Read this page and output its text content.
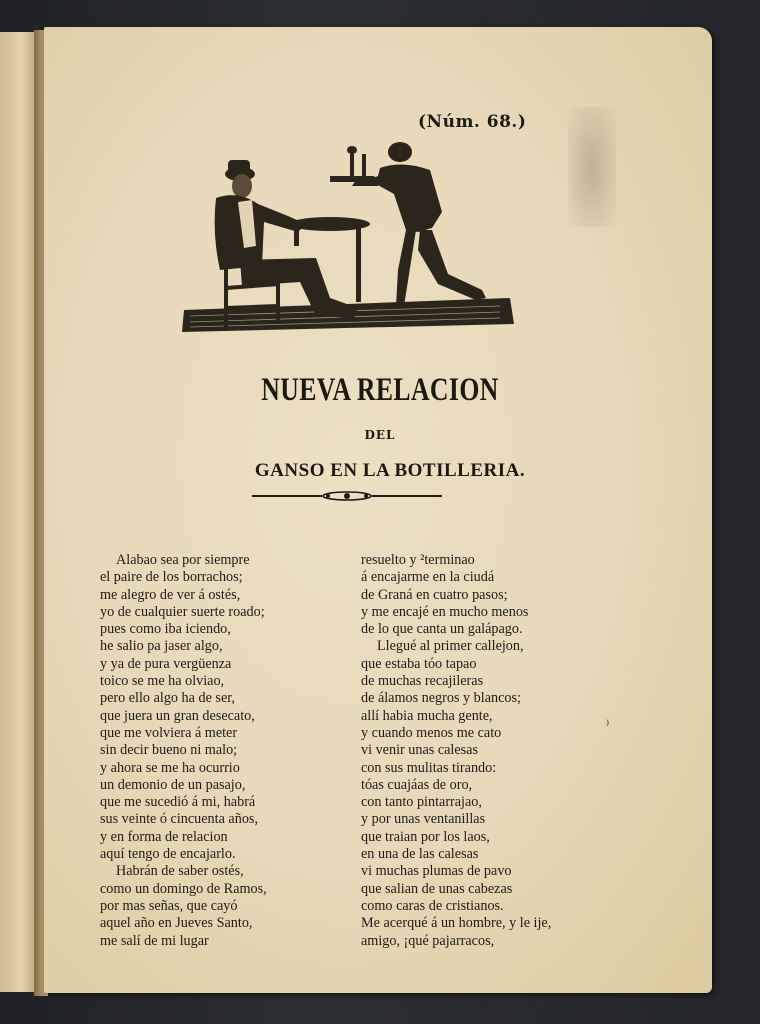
(Núm. 68.)
NUEVA RELACION
DEL
GANSO EN LA BOTILLERIA.
Alabao sea por siempre
el paire de los borrachos;
me alegro de ver á ostés,
yo de cualquier suerte roado;
pues como iba iciendo,
he salio pa jaser algo,
y ya de pura vergüenza
toico se me ha olviao,
pero ello algo ha de ser,
que juera un gran desecato,
que me volviera á meter
sin decir bueno ni malo;
y ahora se me ha ocurrio
un demonio de un pasajo,
que me sucedió á mi, habrá
sus veinte ó cincuenta años,
y en forma de relacion
aquí tengo de encajarlo.
Habrán de saber ostés,
como un domingo de Ramos,
por mas señas, que cayó
aquel año en Jueves Santo,
me salí de mi lugar
resuelto y ²terminao
á encajarme en la ciudá
de Graná en cuatro pasos;
y me encajé en mucho menos
de lo que canta un galápago.
Llegué al primer callejon,
que estaba tóo tapao
de muchas recajileras
de álamos negros y blancos;
allí habia mucha gente,
y cuando menos me cato
vi venir unas calesas
con sus mulitas tirando:
tóas cuajáas de oro,
con tanto pintarrajao,
y por unas ventanillas
que traian por los laos,
en una de las calesas
vi muchas plumas de pavo
que salian de unas cabezas
como caras de cristianos.
Me acerqué á un hombre, y le ije,
amigo, ¡qué pajarracos,
⁾
